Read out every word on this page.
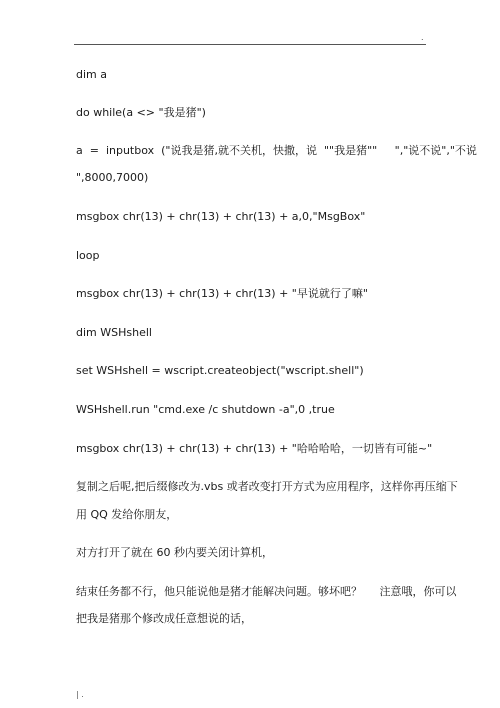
.
dim a
do while(a <> "我是猪")
a  =  inputbox  ("说我是猪,就不关机，快撒，说  ""我是猪""     ","说不说","不说
",8000,7000)
msgbox chr(13) + chr(13) + chr(13) + a,0,"MsgBox"
loop
msgbox chr(13) + chr(13) + chr(13) + "早说就行了嘛"
dim WSHshell
set WSHshell = wscript.createobject("wscript.shell")
WSHshell.run "cmd.exe /c shutdown -a",0 ,true
msgbox chr(13) + chr(13) + chr(13) + "哈哈哈哈，一切皆有可能~"
复制之后呢,把后缀修改为.vbs 或者改变打开方式为应用程序，这样你再压缩下
用 QQ 发给你朋友，
对方打开了就在 60 秒内要关闭计算机，
结束任务都不行，他只能说他是猪才能解决问题。够坏吧？     注意哦，你可以
把我是猪那个修改成任意想说的话，
| .
